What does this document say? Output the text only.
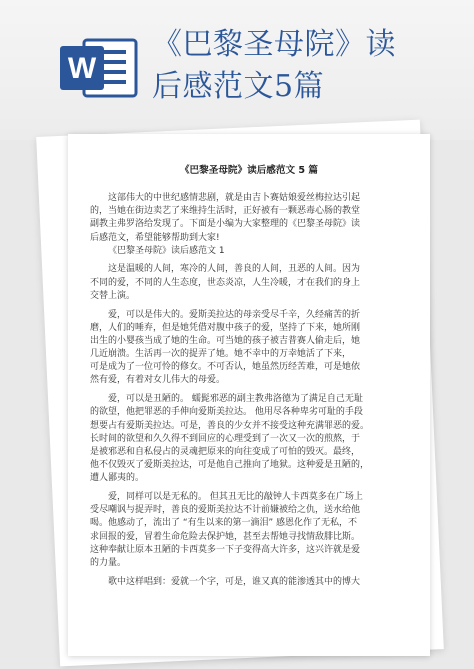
W
《巴黎圣母院》读
后感范文5篇
《巴黎圣母院》读后感范文 5 篇
这部伟大的中世纪感情悲剧，就是由吉卜赛姑娘爱丝梅拉达引起
的，当她在街边卖艺了来维持生活时，正好被有一颗恶毒心肠的教堂
副教主弗罗洛给发现了。下面是小编为大家整理的《巴黎圣母院》读
后感范文，希望能够帮助到大家!
《巴黎圣母院》读后感范文 1
这是温暖的人间，寒冷的人间，善良的人间，丑恶的人间。因为
不同的爱，不同的人生态度，世态炎凉，人生冷暖，才在我们的身上
交替上演。
爱，可以是伟大的。爱斯美拉达的母亲受尽千辛，久经痛苦的折
磨，人们的唾弃，但是她凭借对腹中孩子的爱，坚持了下来，她所刚
出生的小婴孩当成了她的生命。可当她的孩子被吉普赛人偷走后，她
几近崩溃。生活再一次的捉弄了她。她不幸中的万幸她活了下来，
可是成为了一位可怜的修女。不可否认，她虽然历经苦难，可是她依
然有爱，有着对女儿伟大的母爱。
爱，可以是丑陋的。 蠕髭邪恶的副主教弗洛德为了满足自己无耻
的欲望，他把罪恶的手伸向爱斯美拉达。 他用尽各种卑劣可耻的手段
想要占有爱斯美拉达。可是，善良的少女并不接受这种充满罪恶的爱。
长时间的欲望和久久得不到回应的心理受到了一次又一次的煎熬，于
是被邪恶和自私侵占的灵魂把原来的向往变成了可怕的毁灭。最终，
他不仅毁灭了爱斯美拉达，可是他自己推向了地狱。这种爱是丑陋的，
遭人鄙夷的。
爱，同样可以是无私的。 但其丑无比的敲钟人卡西莫多在广场上
受尽嘲讽与捉弄时，善良的爱斯美拉达不计前嫌被给之仇，送水给他
喝。他感动了，流出了 “有生以来的第一滴泪” 感恩化作了无私，不
求回报的爱，冒着生命危险去保护她，甚至去帮她寻找情敌腓比斯。
这种奉献让原本丑陋的卡西莫多一下子变得高大许多，这兴许就是爱
的力量。
歌中这样唱到：爱就一个字，可是，谁又真的能渗透其中的博大
